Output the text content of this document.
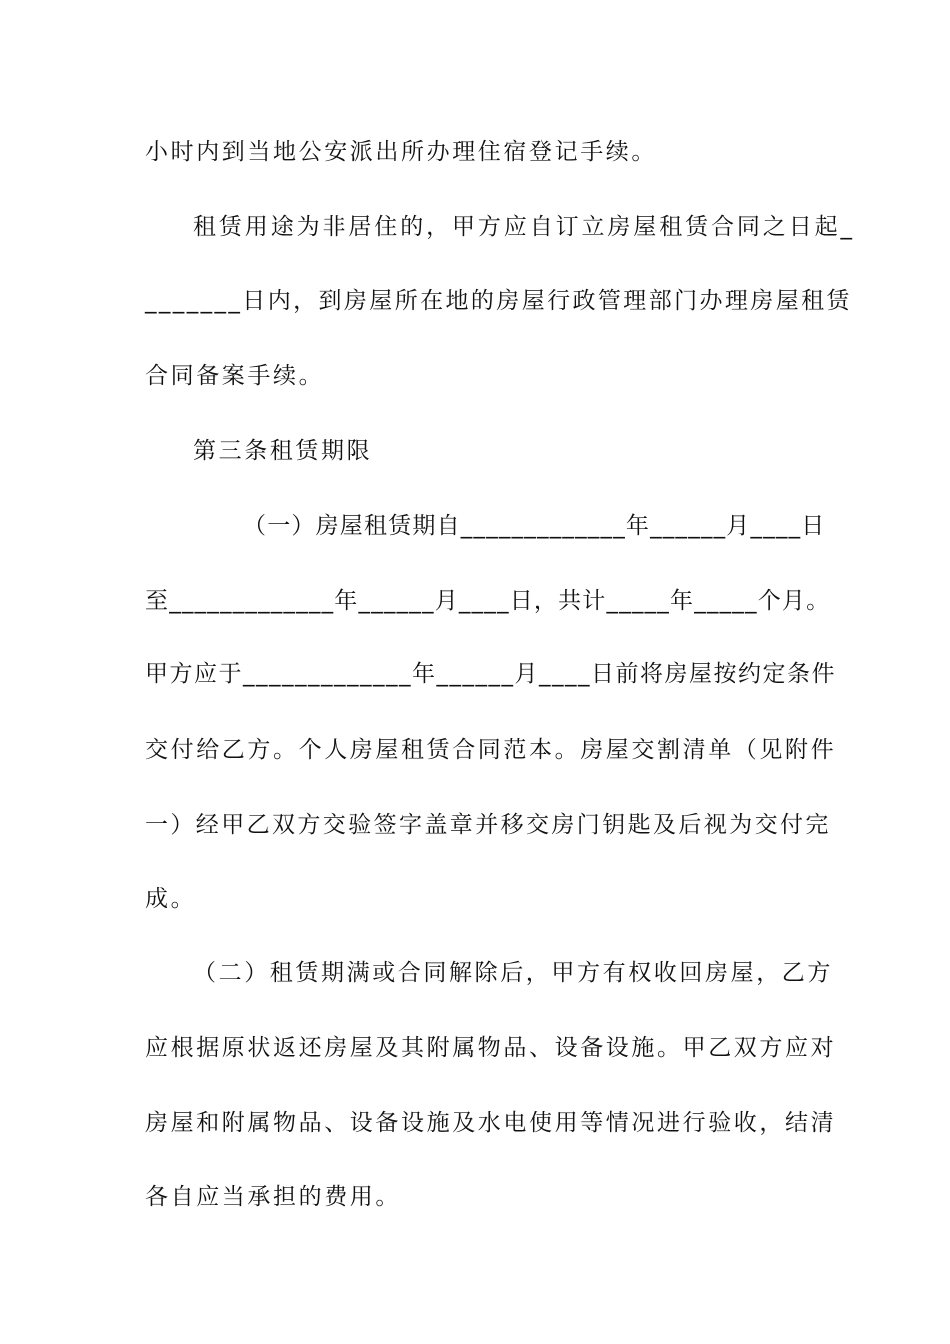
小时内到当地公安派出所办理住宿登记手续。
租赁用途为非居住的，甲方应自订立房屋租赁合同之日起_
_______日内，到房屋所在地的房屋行政管理部门办理房屋租赁
合同备案手续。
第三条租赁期限
（一）房屋租赁期自_____________年______月____日
至_____________年______月____日，共计_____年_____个月。
甲方应于_____________年______月____日前将房屋按约定条件
交付给乙方。个人房屋租赁合同范本。房屋交割清单（见附件
一）经甲乙双方交验签字盖章并移交房门钥匙及后视为交付完
成。
（二）租赁期满或合同解除后，甲方有权收回房屋，乙方
应根据原状返还房屋及其附属物品、设备设施。甲乙双方应对
房屋和附属物品、设备设施及水电使用等情况进行验收，结清
各自应当承担的费用。
